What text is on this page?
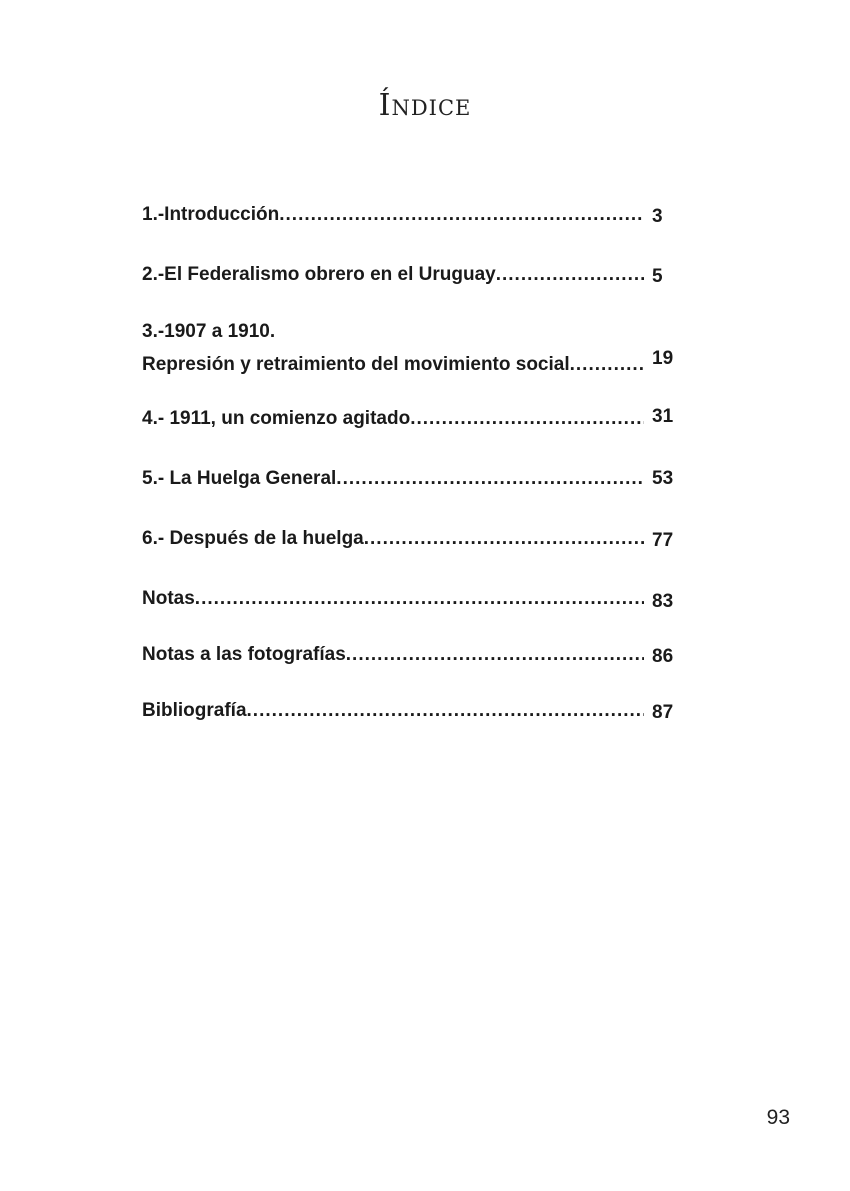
Índice
1.-Introducción .....	3
2.-El Federalismo obrero en el Uruguay .....	5
3.-1907 a 1910.
Represión y retraimiento del movimiento social .....	19
4.- 1911, un comienzo agitado .....	31
5.- La Huelga General .....	53
6.- Después de la huelga .....	77
Notas .....	83
Notas a las fotografías .....	86
Bibliografía .....	87
93
